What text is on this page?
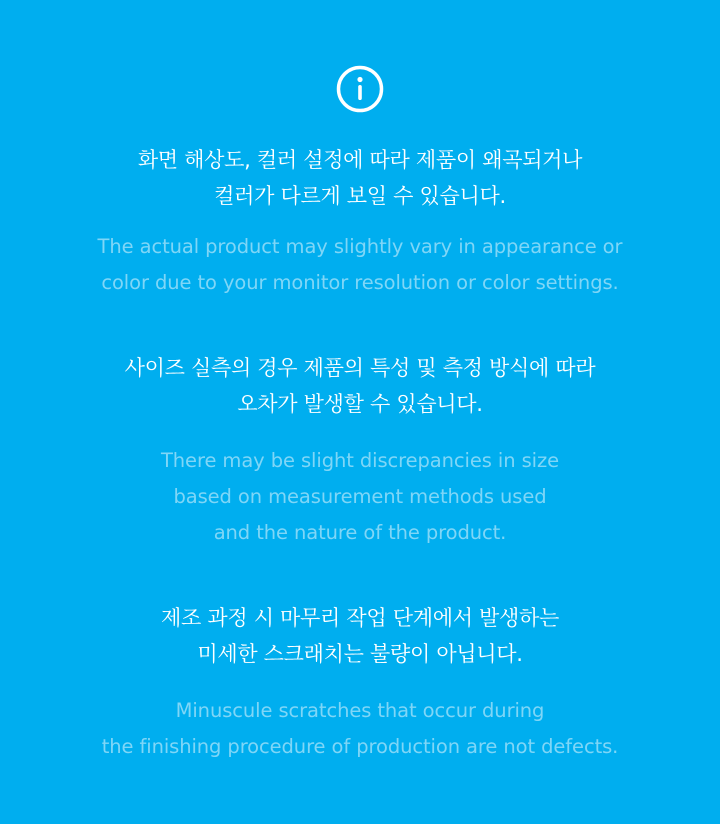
화면 해상도, 컬러 설정에 따라 제품이 왜곡되거나
컬러가 다르게 보일 수 있습니다.
The actual product may slightly vary in appearance or
color due to your monitor resolution or color settings.
사이즈 실측의 경우 제품의 특성 및 측정 방식에 따라
오차가 발생할 수 있습니다.
There may be slight discrepancies in size
based on measurement methods used
and the nature of the product.
제조 과정 시 마무리 작업 단계에서 발생하는
미세한 스크래치는 불량이 아닙니다.
Minuscule scratches that occur during
the finishing procedure of production are not defects.
